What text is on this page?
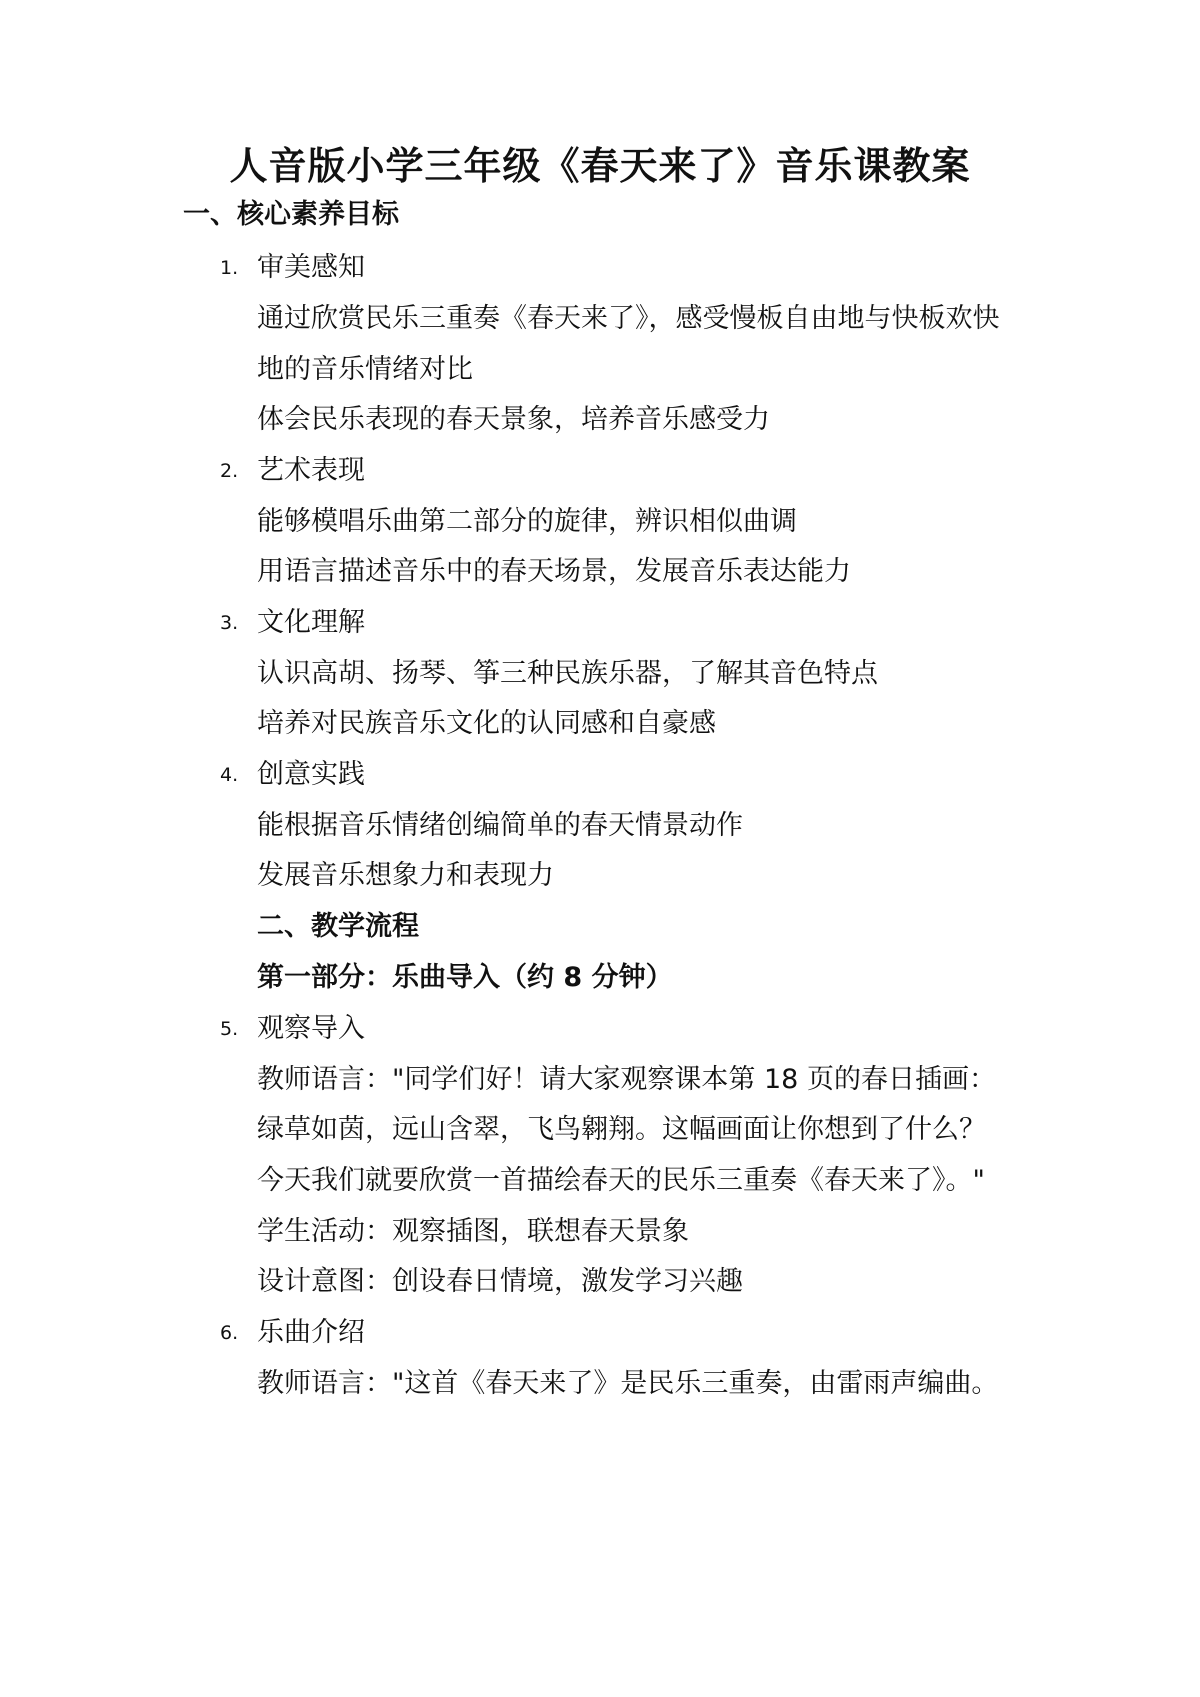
人音版小学三年级《春天来了》音乐课教案
一、核心素养目标
1. 审美感知
通过欣赏民乐三重奏《春天来了》，感受慢板自由地与快板欢快
地的音乐情绪对比
体会民乐表现的春天景象，培养音乐感受力
2. 艺术表现
能够模唱乐曲第二部分的旋律，辨识相似曲调
用语言描述音乐中的春天场景，发展音乐表达能力
3. 文化理解
认识高胡、扬琴、筝三种民族乐器，了解其音色特点
培养对民族音乐文化的认同感和自豪感
4. 创意实践
能根据音乐情绪创编简单的春天情景动作
发展音乐想象力和表现力
二、教学流程
第一部分：乐曲导入（约 8 分钟）
5. 观察导入
教师语言："同学们好！请大家观察课本第 18 页的春日插画：
绿草如茵，远山含翠，飞鸟翱翔。这幅画面让你想到了什么？
今天我们就要欣赏一首描绘春天的民乐三重奏《春天来了》。"
学生活动：观察插图，联想春天景象
设计意图：创设春日情境，激发学习兴趣
6. 乐曲介绍
教师语言："这首《春天来了》是民乐三重奏，由雷雨声编曲。
